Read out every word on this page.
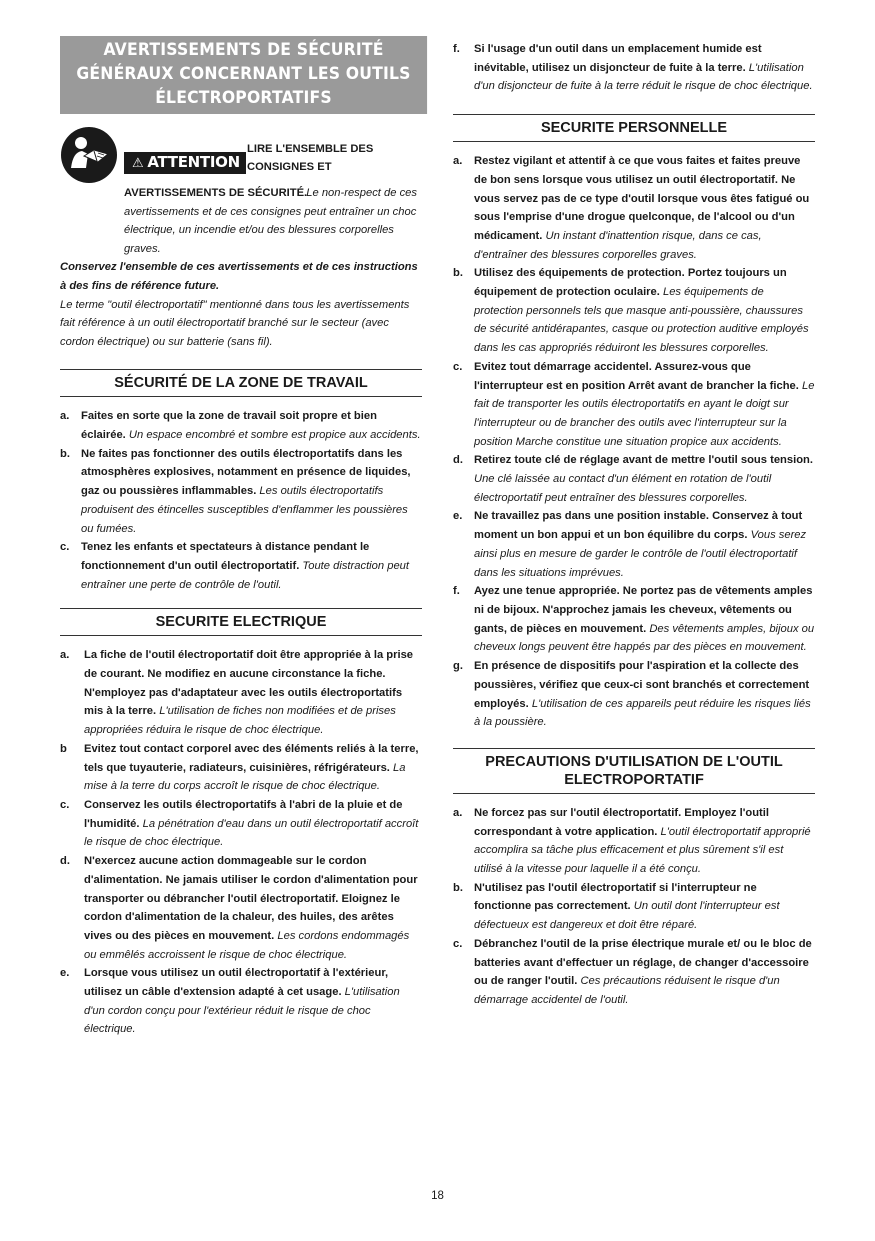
AVERTISSEMENTS DE SÉCURITÉ
GÉNÉRAUX CONCERNANT LES OUTILS
ÉLECTROPORTATIFS
⚠ ATTENTION
LIRE L'ENSEMBLE DES
CONSIGNES ET
AVERTISSEMENTS DE SÉCURITÉ. Le non-respect de ces avertissements et de ces consignes peut entraîner un choc électrique, un incendie et/ou des blessures corporelles graves.
Conservez l'ensemble de ces avertissements et de ces instructions à des fins de référence future.
Le terme "outil électroportatif" mentionné dans tous les avertissements fait référence à un outil électroportatif branché sur le secteur (avec cordon électrique) ou sur batterie (sans fil).
SÉCURITÉ DE LA ZONE DE TRAVAIL
a. Faites en sorte que la zone de travail soit propre et bien éclairée. Un espace encombré et sombre est propice aux accidents.
b. Ne faites pas fonctionner des outils électroportatifs dans les atmosphères explosives, notamment en présence de liquides, gaz ou poussières inflammables. Les outils électroportatifs produisent des étincelles susceptibles d'enflammer les poussières ou fumées.
c. Tenez les enfants et spectateurs à distance pendant le fonctionnement d'un outil électroportatif. Toute distraction peut entraîner une perte de contrôle de l'outil.
SECURITE ELECTRIQUE
a. La fiche de l'outil électroportatif doit être appropriée à la prise de courant. Ne modifiez en aucune circonstance la fiche. N'employez pas d'adaptateur avec les outils électroportatifs mis à la terre. L'utilisation de fiches non modifiées et de prises appropriées réduira le risque de choc électrique.
b Evitez tout contact corporel avec des éléments reliés à la terre, tels que tuyauterie, radiateurs, cuisinières, réfrigérateurs. La mise à la terre du corps accroît le risque de choc électrique.
c. Conservez les outils électroportatifs à l'abri de la pluie et de l'humidité. La pénétration d'eau dans un outil électroportatif accroît le risque de choc électrique.
d. N'exercez aucune action dommageable sur le cordon d'alimentation. Ne jamais utiliser le cordon d'alimentation pour transporter ou débrancher l'outil électroportatif. Eloignez le cordon d'alimentation de la chaleur, des huiles, des arêtes vives ou des pièces en mouvement. Les cordons endommagés ou emmêlés accroissent le risque de choc électrique.
e. Lorsque vous utilisez un outil électroportatif à l'extérieur, utilisez un câble d'extension adapté à cet usage. L'utilisation d'un cordon conçu pour l'extérieur réduit le risque de choc électrique.
f. Si l'usage d'un outil dans un emplacement humide est inévitable, utilisez un disjoncteur de fuite à la terre. L'utilisation d'un disjoncteur de fuite à la terre réduit le risque de choc électrique.
SECURITE PERSONNELLE
a. Restez vigilant et attentif à ce que vous faites et faites preuve de bon sens lorsque vous utilisez un outil électroportatif. Ne vous servez pas de ce type d'outil lorsque vous êtes fatigué ou sous l'emprise d'une drogue quelconque, de l'alcool ou d'un médicament. Un instant d'inattention risque, dans ce cas, d'entraîner des blessures corporelles graves.
b. Utilisez des équipements de protection. Portez toujours un équipement de protection oculaire. Les équipements de protection personnels tels que masque anti-poussière, chaussures de sécurité antidérapantes, casque ou protection auditive employés dans les cas appropriés réduiront les blessures corporelles.
c. Evitez tout démarrage accidentel. Assurez-vous que l'interrupteur est en position Arrêt avant de brancher la fiche. Le fait de transporter les outils électroportatifs en ayant le doigt sur l'interrupteur ou de brancher des outils avec l'interrupteur sur la position Marche constitue une situation propice aux accidents.
d. Retirez toute clé de réglage avant de mettre l'outil sous tension. Une clé laissée au contact d'un élément en rotation de l'outil électroportatif peut entraîner des blessures corporelles.
e. Ne travaillez pas dans une position instable. Conservez à tout moment un bon appui et un bon équilibre du corps. Vous serez ainsi plus en mesure de garder le contrôle de l'outil électroportatif dans les situations imprévues.
f. Ayez une tenue appropriée. Ne portez pas de vêtements amples ni de bijoux. N'approchez jamais les cheveux, vêtements ou gants, de pièces en mouvement. Des vêtements amples, bijoux ou cheveux longs peuvent être happés par des pièces en mouvement.
g. En présence de dispositifs pour l'aspiration et la collecte des poussières, vérifiez que ceux-ci sont branchés et correctement employés. L'utilisation de ces appareils peut réduire les risques liés à la poussière.
PRECAUTIONS D'UTILISATION DE L'OUTIL
ELECTROPORTATIF
a. Ne forcez pas sur l'outil électroportatif. Employez l'outil correspondant à votre application. L'outil électroportatif approprié accomplira sa tâche plus efficacement et plus sûrement s'il est utilisé à la vitesse pour laquelle il a été conçu.
b. N'utilisez pas l'outil électroportatif si l'interrupteur ne fonctionne pas correctement. Un outil dont l'interrupteur est défectueux est dangereux et doit être réparé.
c. Débranchez l'outil de la prise électrique murale et/ ou le bloc de batteries avant d'effectuer un réglage, de changer d'accessoire ou de ranger l'outil. Ces précautions réduisent le risque d'un démarrage accidentel de l'outil.
18
